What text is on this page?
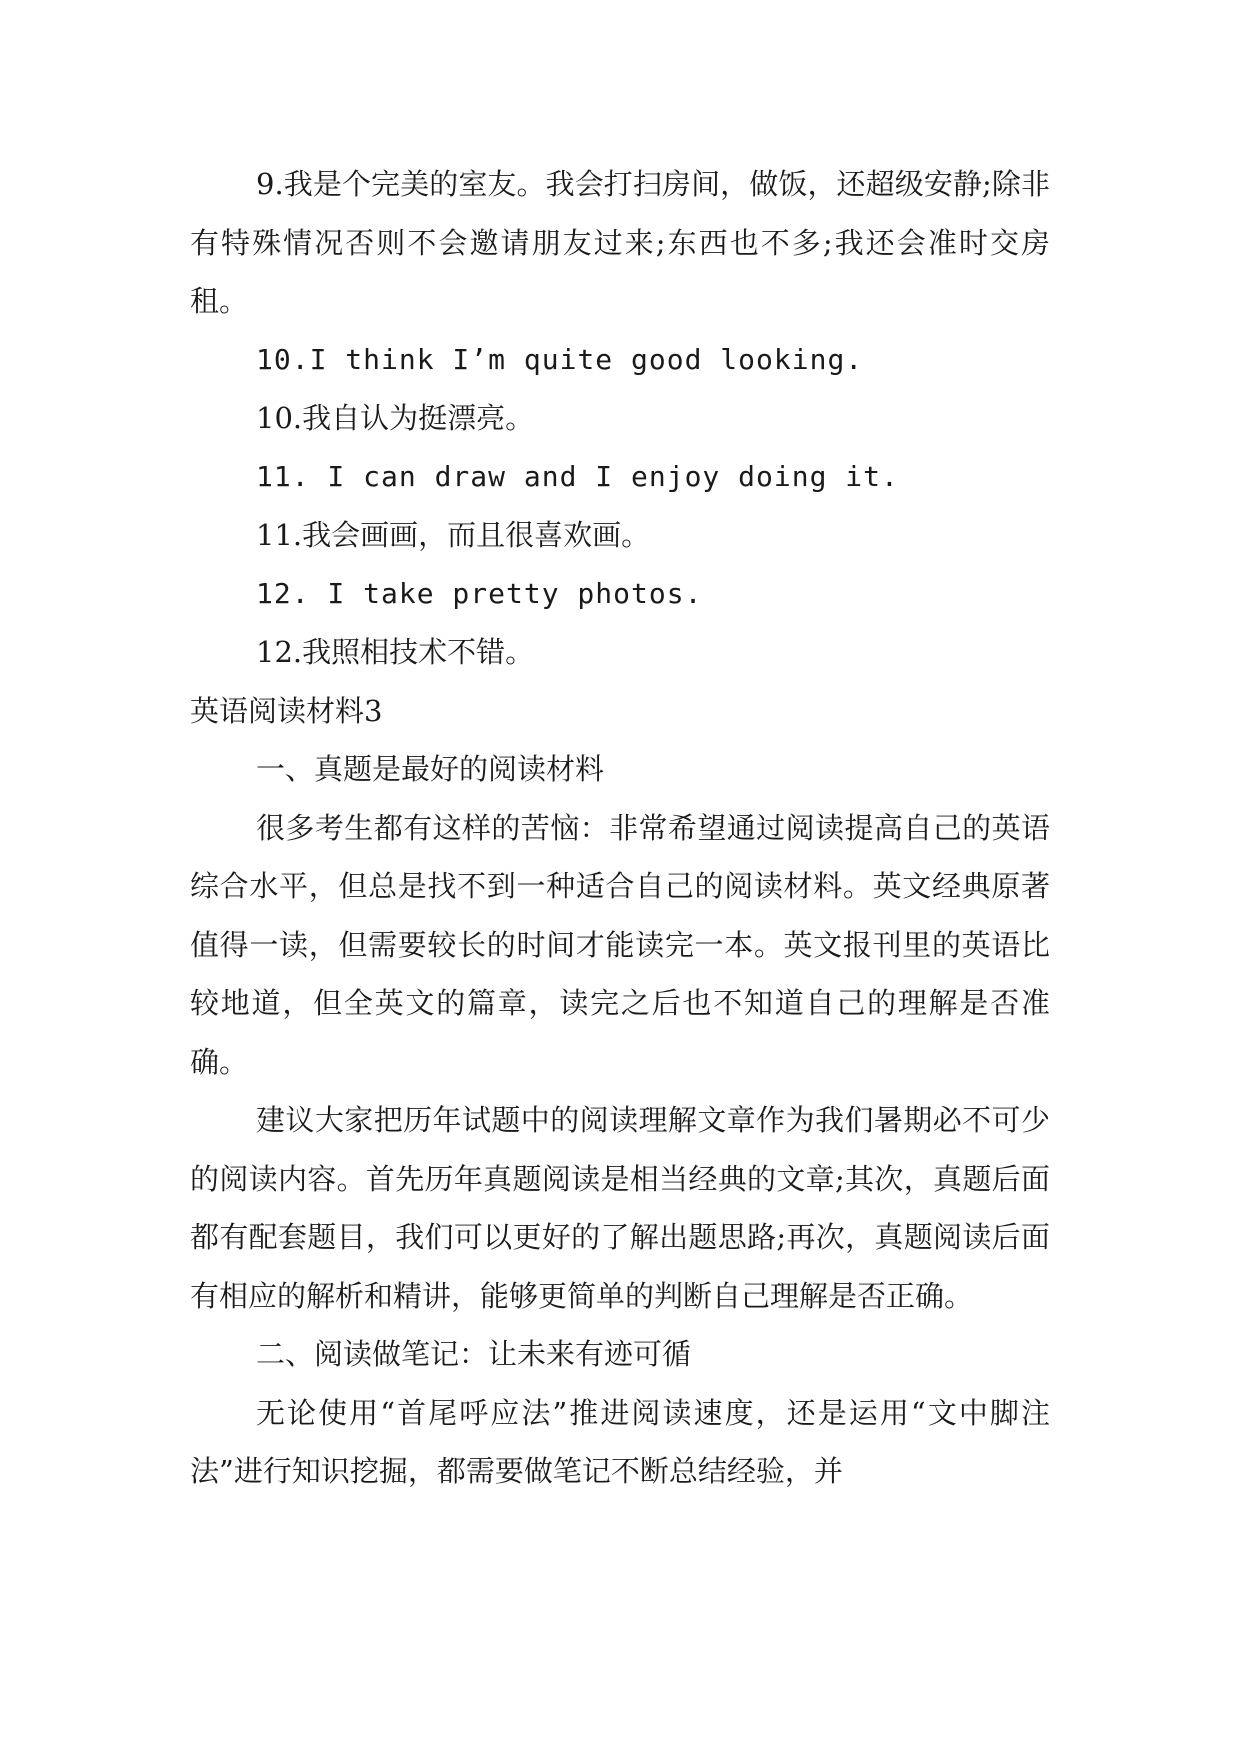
9.我是个完美的室友。我会打扫房间，做饭，还超级安静;除非有特殊情况否则不会邀请朋友过来;东西也不多;我还会准时交房租。

10.I think I’m quite good looking.

10.我自认为挺漂亮。

11. I can draw and I enjoy doing it.

11.我会画画，而且很喜欢画。

12. I take pretty photos.

12.我照相技术不错。

英语阅读材料3

一、真题是最好的阅读材料

很多考生都有这样的苦恼：非常希望通过阅读提高自己的英语综合水平，但总是找不到一种适合自己的阅读材料。英文经典原著值得一读，但需要较长的时间才能读完一本。英文报刊里的英语比较地道，但全英文的篇章，读完之后也不知道自己的理解是否准确。

建议大家把历年试题中的阅读理解文章作为我们暑期必不可少的阅读内容。首先历年真题阅读是相当经典的文章;其次，真题后面都有配套题目，我们可以更好的了解出题思路;再次，真题阅读后面有相应的解析和精讲，能够更简单的判断自己理解是否正确。

二、阅读做笔记：让未来有迹可循

无论使用“首尾呼应法”推进阅读速度，还是运用“文中脚注法”进行知识挖掘，都需要做笔记不断总结经验，并
